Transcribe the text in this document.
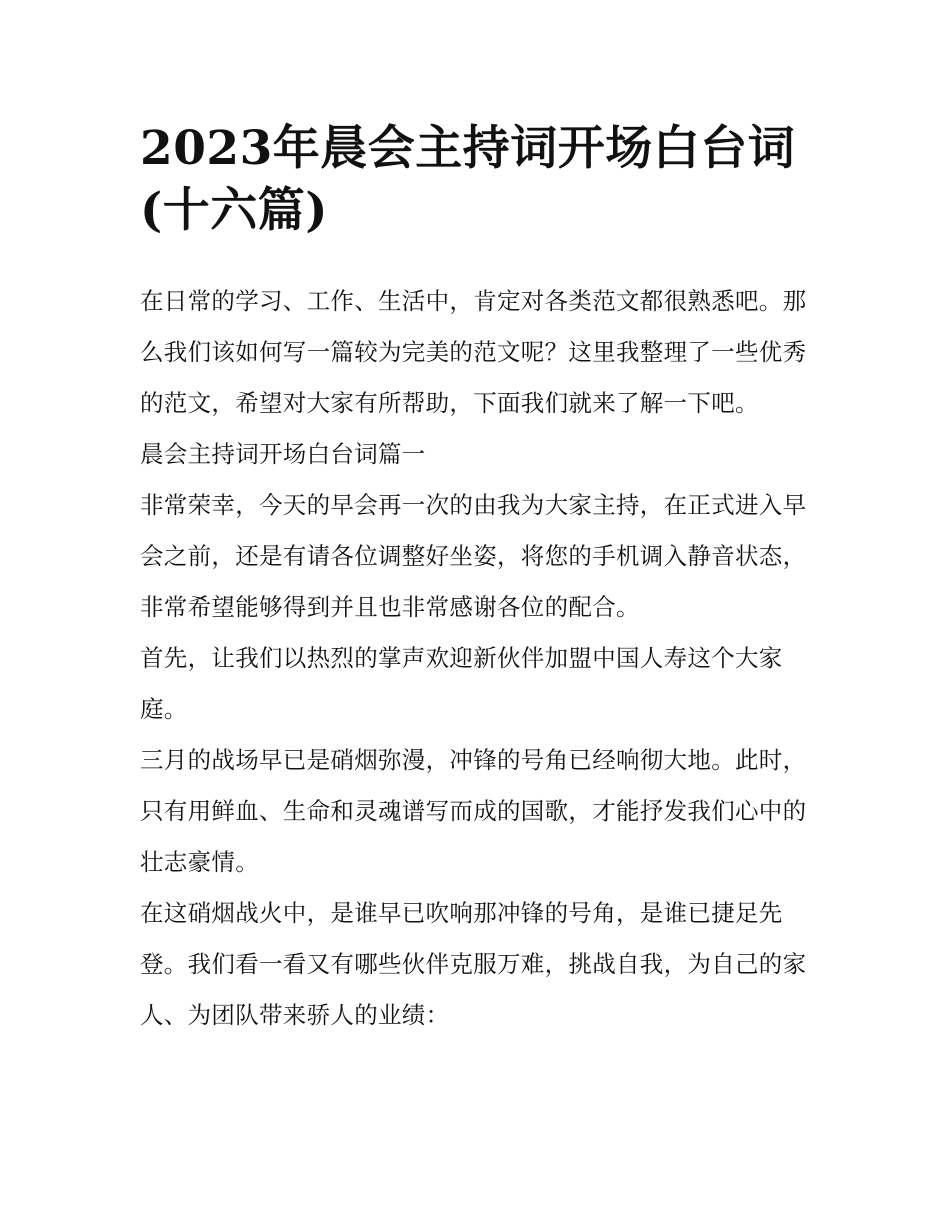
2023年晨会主持词开场白台词(十六篇)

在日常的学习、工作、生活中，肯定对各类范文都很熟悉吧。那么我们该如何写一篇较为完美的范文呢？这里我整理了一些优秀的范文，希望对大家有所帮助，下面我们就来了解一下吧。

晨会主持词开场白台词篇一

非常荣幸，今天的早会再一次的由我为大家主持，在正式进入早会之前，还是有请各位调整好坐姿，将您的手机调入静音状态，非常希望能够得到并且也非常感谢各位的配合。

首先，让我们以热烈的掌声欢迎新伙伴加盟中国人寿这个大家庭。

三月的战场早已是硝烟弥漫，冲锋的号角已经响彻大地。此时，只有用鲜血、生命和灵魂谱写而成的国歌，才能抒发我们心中的壮志豪情。

在这硝烟战火中，是谁早已吹响那冲锋的号角，是谁已捷足先登。我们看一看又有哪些伙伴克服万难，挑战自我，为自己的家人、为团队带来骄人的业绩：
